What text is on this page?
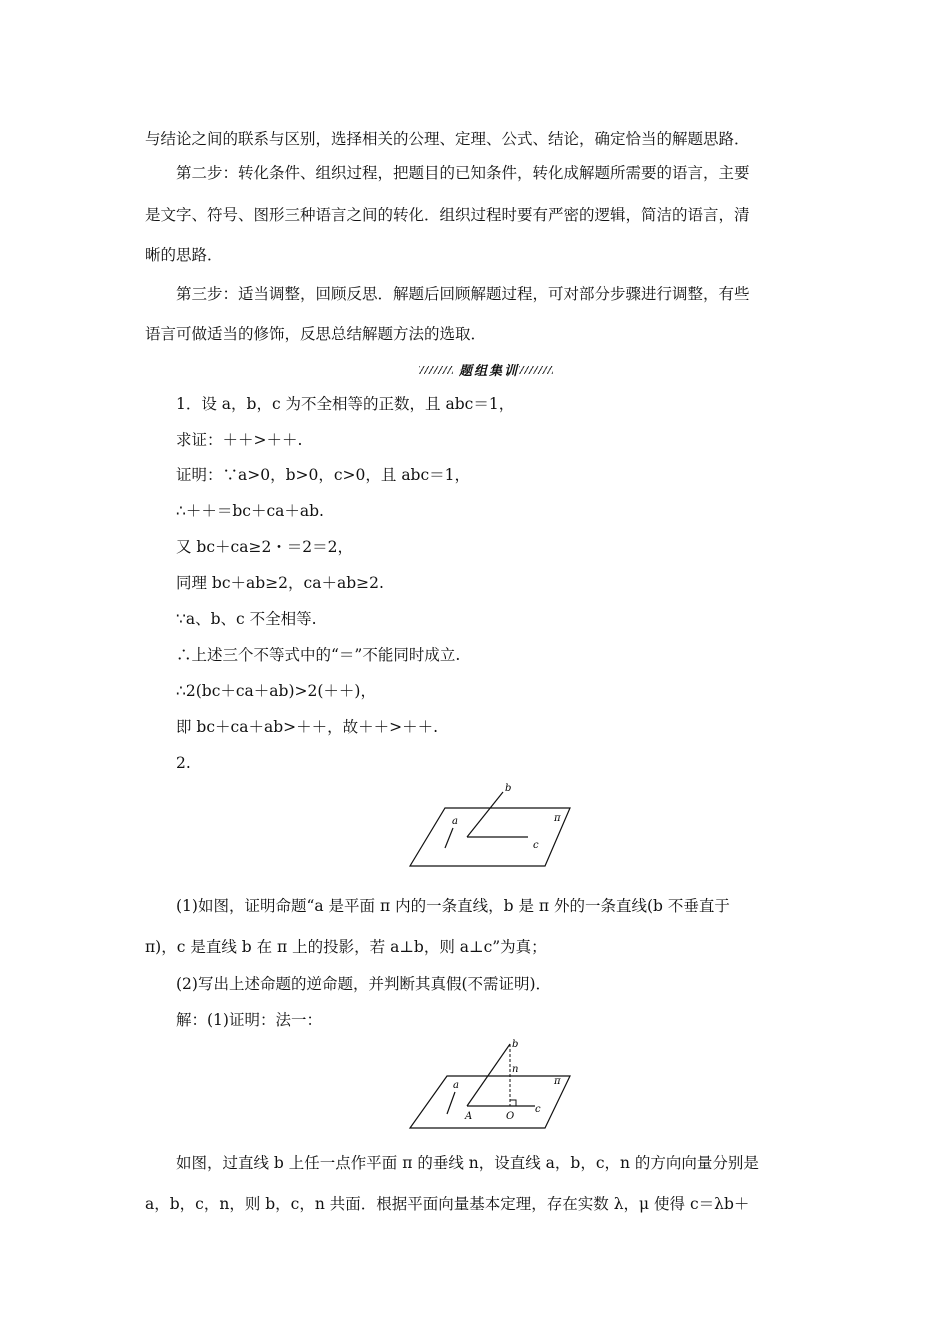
与结论之间的联系与区别，选择相关的公理、定理、公式、结论，确定恰当的解题思路．
第二步：转化条件、组织过程，把题目的已知条件，转化成解题所需要的语言，主要
是文字、符号、图形三种语言之间的转化．组织过程时要有严密的逻辑，简洁的语言，清
晰的思路．
第三步：适当调整，回顾反思．解题后回顾解题过程，可对部分步骤进行调整，有些
语言可做适当的修饰，反思总结解题方法的选取．
题组集训
1．设 a，b，c 为不全相等的正数，且 abc＝1，
求证：＋＋>＋＋.
证明：∵a>0，b>0，c>0，且 abc＝1，
∴＋＋＝bc＋ca＋ab.
又 bc＋ca≥2・＝2＝2，
同理 bc＋ab≥2，ca＋ab≥2.
∵a、b、c 不全相等.
∴上述三个不等式中的“＝”不能同时成立.
∴2(bc＋ca＋ab)>2(＋＋)，
即 bc＋ca＋ab>＋＋，故＋＋>＋＋.
2.
b
a	π
c
(1)如图，证明命题“a 是平面 π 内的一条直线，b 是 π 外的一条直线(b 不垂直于
π)，c 是直线 b 在 π 上的投影，若 a⊥b，则 a⊥c”为真；
(2)写出上述命题的逆命题，并判断其真假(不需证明)．
解：(1)证明：法一：
b
n
a	π
A	O
c
如图，过直线 b 上任一点作平面 π 的垂线 n，设直线 a，b，c，n 的方向向量分别是
a，b，c，n，则 b，c，n 共面．根据平面向量基本定理，存在实数 λ，μ 使得 c＝λb＋
